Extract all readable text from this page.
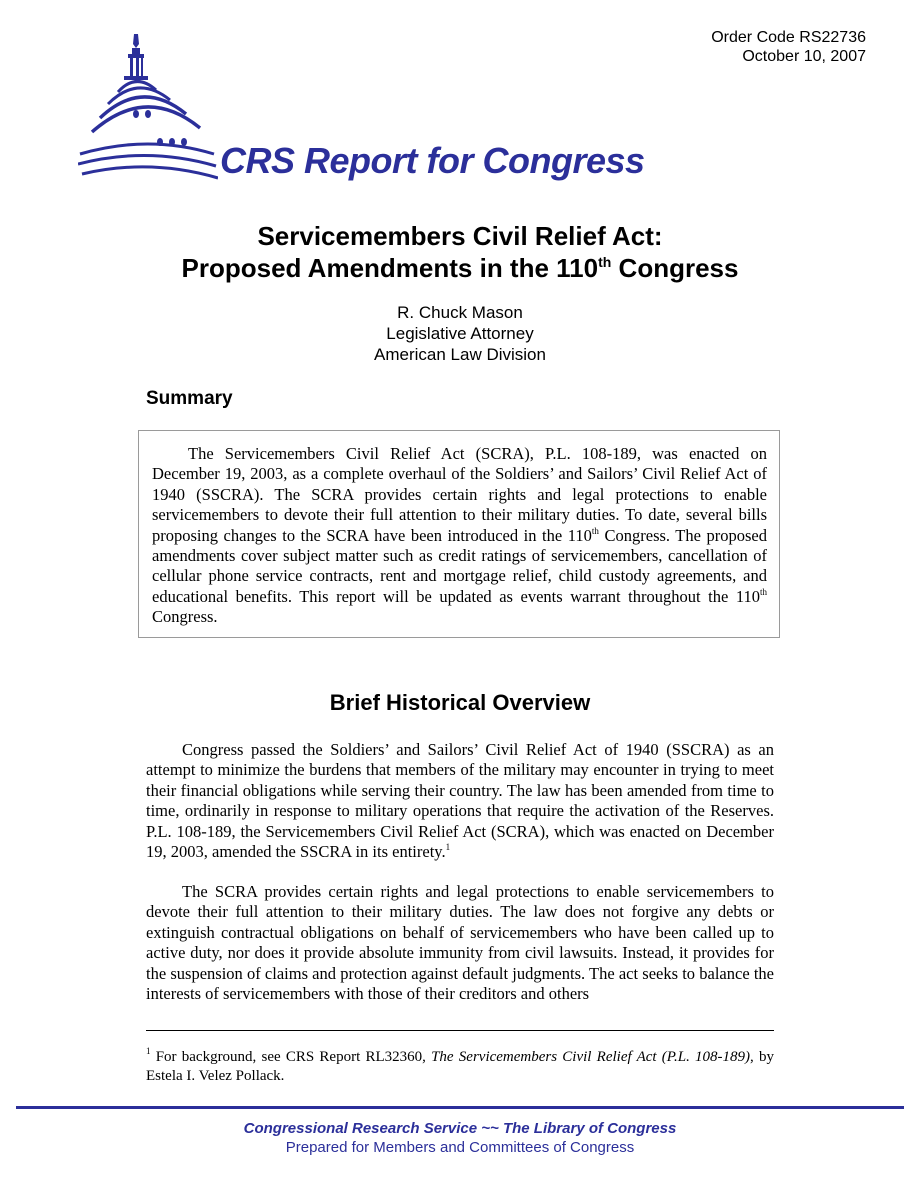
Order Code RS22736
October 10, 2007
CRS Report for Congress
Servicemembers Civil Relief Act:
Proposed Amendments in the 110th Congress
R. Chuck Mason
Legislative Attorney
American Law Division
Summary

The Servicemembers Civil Relief Act (SCRA), P.L. 108-189, was enacted on December 19, 2003, as a complete overhaul of the Soldiers’ and Sailors’ Civil Relief Act of 1940 (SSCRA). The SCRA provides certain rights and legal protections to enable servicemembers to devote their full attention to their military duties. To date, several bills proposing changes to the SCRA have been introduced in the 110th Congress. The proposed amendments cover subject matter such as credit ratings of servicemembers, cancellation of cellular phone service contracts, rent and mortgage relief, child custody agreements, and educational benefits. This report will be updated as events warrant throughout the 110th Congress.

Brief Historical Overview

Congress passed the Soldiers’ and Sailors’ Civil Relief Act of 1940 (SSCRA) as an attempt to minimize the burdens that members of the military may encounter in trying to meet their financial obligations while serving their country. The law has been amended from time to time, ordinarily in response to military operations that require the activation of the Reserves. P.L. 108-189, the Servicemembers Civil Relief Act (SCRA), which was enacted on December 19, 2003, amended the SSCRA in its entirety.$^1$

The SCRA provides certain rights and legal protections to enable servicemembers to devote their full attention to their military duties. The law does not forgive any debts or extinguish contractual obligations on behalf of servicemembers who have been called up to active duty, nor does it provide absolute immunity from civil lawsuits. Instead, it provides for the suspension of claims and protection against default judgments. The act seeks to balance the interests of servicemembers with those of their creditors and others

$^1$ For background, see CRS Report RL32360, The Servicemembers Civil Relief Act (P.L. 108-189), by Estela I. Velez Pollack.

Congressional Research Service ~~ The Library of Congress
Prepared for Members and Committees of Congress
